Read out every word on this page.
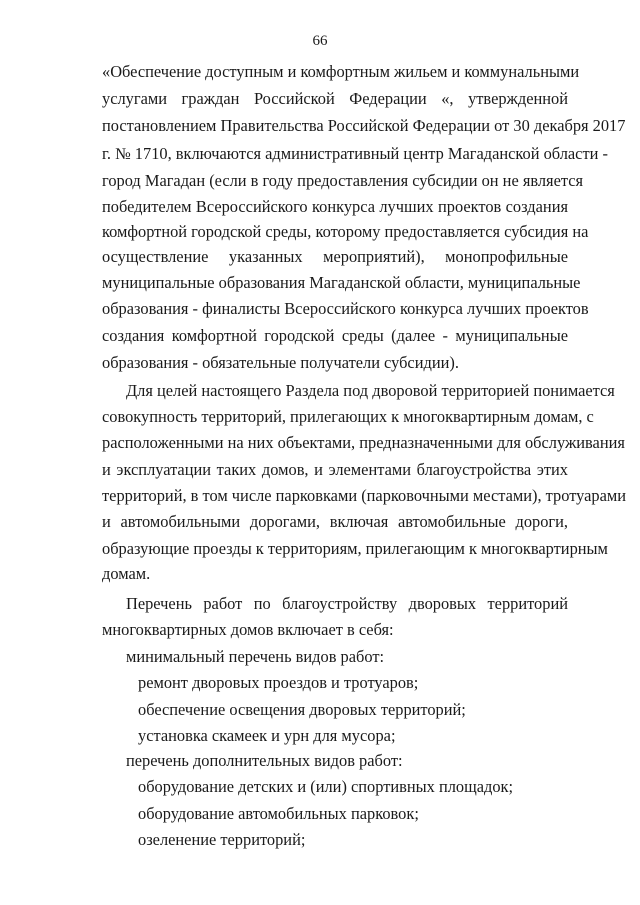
66
«Обеспечение доступным и комфортным жильем и коммунальными
услугами граждан Российской Федерации «, утвержденной
постановлением Правительства Российской Федерации от 30 декабря 2017
г. № 1710, включаются административный центр Магаданской области -
город Магадан (если в году предоставления субсидии он не является
победителем Всероссийского конкурса лучших проектов создания
комфортной городской среды, которому предоставляется субсидия на
осуществление указанных мероприятий), монопрофильные
муниципальные образования Магаданской области, муниципальные
образования - финалисты Всероссийского конкурса лучших проектов
создания комфортной городской среды (далее - муниципальные
образования - обязательные получатели субсидии).
Для целей настоящего Раздела под дворовой территорией понимается
совокупность территорий, прилегающих к многоквартирным домам, с
расположенными на них объектами, предназначенными для обслуживания
и эксплуатации таких домов, и элементами благоустройства этих
территорий, в том числе парковками (парковочными местами), тротуарами
и автомобильными дорогами, включая автомобильные дороги,
образующие проезды к территориям, прилегающим к многоквартирным
домам.
Перечень работ по благоустройству дворовых территорий
многоквартирных домов включает в себя:
минимальный перечень видов работ:
ремонт дворовых проездов и тротуаров;
обеспечение освещения дворовых территорий;
установка скамеек и урн для мусора;
перечень дополнительных видов работ:
оборудование детских и (или) спортивных площадок;
оборудование автомобильных парковок;
озеленение территорий;
